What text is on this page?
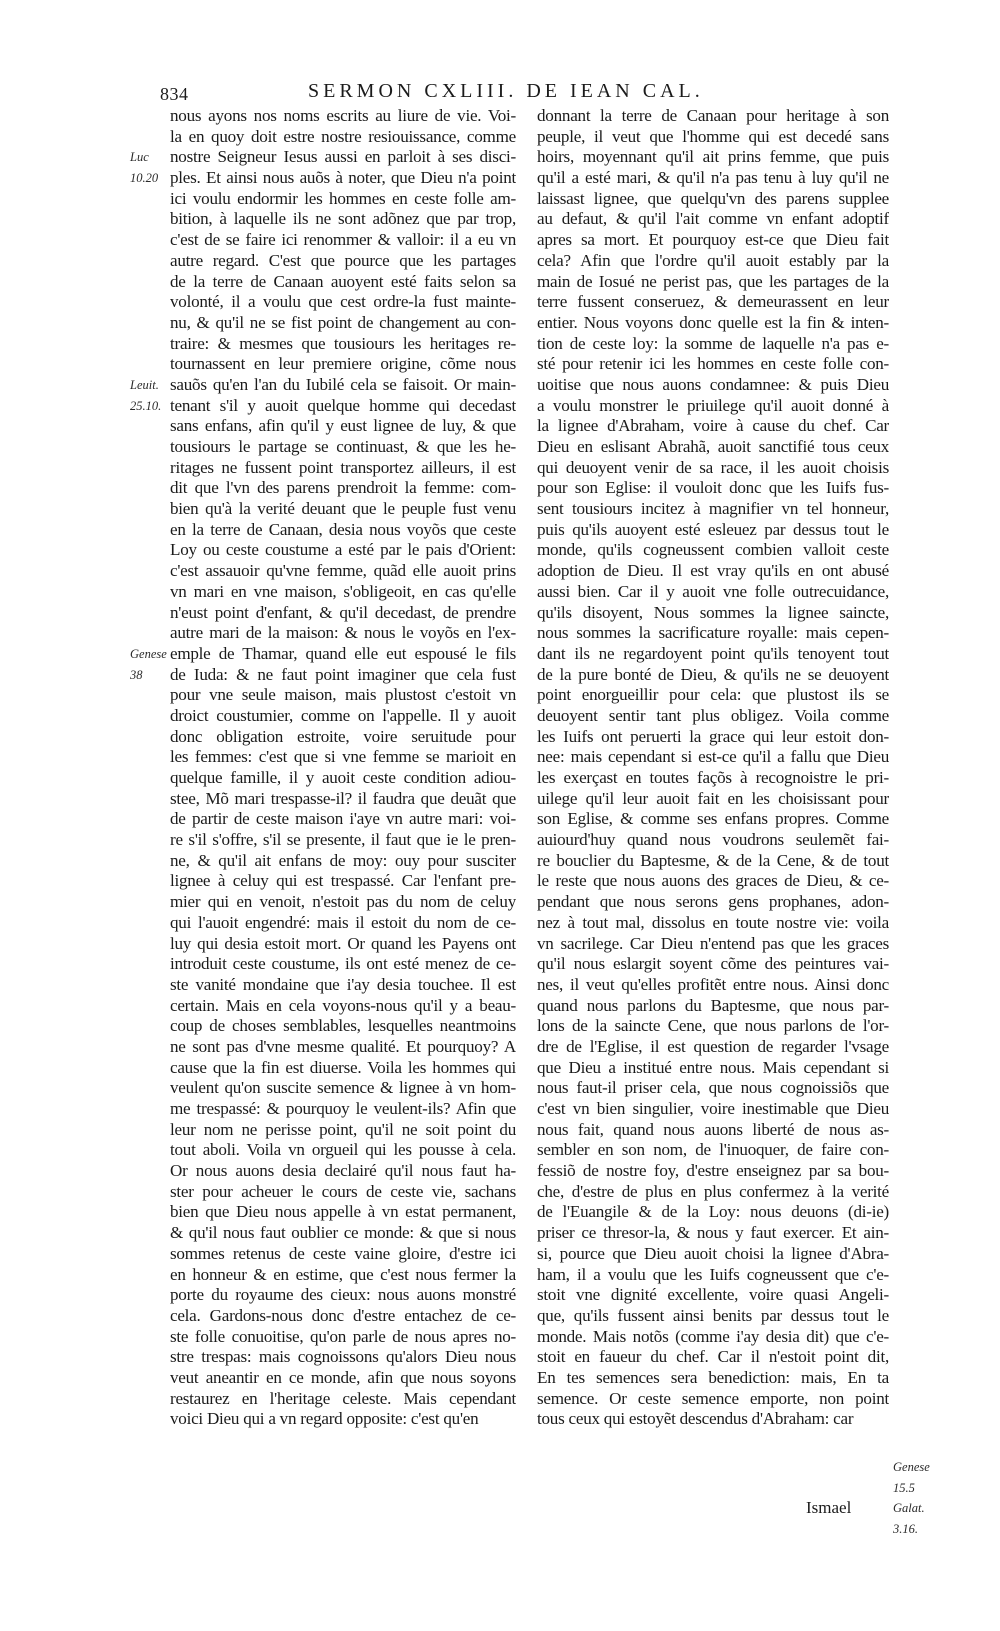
834	SERMON CXLIII. DE IEAN CAL.
Luc
10.20
Leuit.
25.10.
Genese
38
Genese
15.5
Galat.
3.16.
nous ayons nos noms escrits au liure de vie. Voi-
la en quoy doit estre nostre resiouissance, comme
nostre Seigneur Iesus aussi en parloit à ses disci-
ples. Et ainsi nous auõs à noter, que Dieu n'a point
ici voulu endormir les hommes en ceste folle am-
bition, à laquelle ils ne sont adõnez que par trop,
c'est de se faire ici renommer & valloir: il a eu vn
autre regard. C'est que pource que les partages
de la terre de Canaan auoyent esté faits selon sa
volonté, il a voulu que cest ordre-la fust mainte-
nu, & qu'il ne se fist point de changement au con-
traire: & mesmes que tousiours les heritages re-
tournassent en leur premiere origine, cõme nous
sauõs qu'en l'an du Iubilé cela se faisoit. Or main-
tenant s'il y auoit quelque homme qui decedast
sans enfans, afin qu'il y eust lignee de luy, & que
tousiours le partage se continuast, & que les he-
ritages ne fussent point transportez ailleurs, il est
dit que l'vn des parens prendroit la femme: com-
bien qu'à la verité deuant que le peuple fust venu
en la terre de Canaan, desia nous voyõs que ceste
Loy ou ceste coustume a esté par le pais d'Orient:
c'est assauoir qu'vne femme, quãd elle auoit prins
vn mari en vne maison, s'obligeoit, en cas qu'elle
n'eust point d'enfant, & qu'il decedast, de prendre
autre mari de la maison: & nous le voyõs en l'ex-
emple de Thamar, quand elle eut espousé le fils
de Iuda: & ne faut point imaginer que cela fust
pour vne seule maison, mais plustost c'estoit vn
droict coustumier, comme on l'appelle. Il y auoit
donc obligation estroite, voire seruitude pour
les femmes: c'est que si vne femme se marioit en
quelque famille, il y auoit ceste condition adiou-
stee, Mõ mari trespasse-il? il faudra que deuãt que
de partir de ceste maison i'aye vn autre mari: voi-
re s'il s'offre, s'il se presente, il faut que ie le pren-
ne, & qu'il ait enfans de moy: ouy pour susciter
lignee à celuy qui est trespassé. Car l'enfant pre-
mier qui en venoit, n'estoit pas du nom de celuy
qui l'auoit engendré: mais il estoit du nom de ce-
luy qui desia estoit mort. Or quand les Payens ont
introduit ceste coustume, ils ont esté menez de ce-
ste vanité mondaine que i'ay desia touchee. Il est
certain. Mais en cela voyons-nous qu'il y a beau-
coup de choses semblables, lesquelles neantmoins
ne sont pas d'vne mesme qualité. Et pourquoy? A
cause que la fin est diuerse. Voila les hommes qui
veulent qu'on suscite semence & lignee à vn hom-
me trespassé: & pourquoy le veulent-ils? Afin que
leur nom ne perisse point, qu'il ne soit point du
tout aboli. Voila vn orgueil qui les pousse à cela.
Or nous auons desia declairé qu'il nous faut ha-
ster pour acheuer le cours de ceste vie, sachans
bien que Dieu nous appelle à vn estat permanent,
& qu'il nous faut oublier ce monde: & que si nous
sommes retenus de ceste vaine gloire, d'estre ici
en honneur & en estime, que c'est nous fermer la
porte du royaume des cieux: nous auons monstré
cela. Gardons-nous donc d'estre entachez de ce-
ste folle conuoitise, qu'on parle de nous apres no-
stre trespas: mais cognoissons qu'alors Dieu nous
veut aneantir en ce monde, afin que nous soyons
restaurez en l'heritage celeste. Mais cependant
voici Dieu qui a vn regard opposite: c'est qu'en
donnant la terre de Canaan pour heritage à son
peuple, il veut que l'homme qui est decedé sans
hoirs, moyennant qu'il ait prins femme, que puis
qu'il a esté mari, & qu'il n'a pas tenu à luy qu'il ne
laissast lignee, que quelqu'vn des parens supplee
au defaut, & qu'il l'ait comme vn enfant adoptif
apres sa mort. Et pourquoy est-ce que Dieu fait
cela? Afin que l'ordre qu'il auoit estably par la
main de Iosué ne perist pas, que les partages de la
terre fussent conseruez, & demeurassent en leur
entier. Nous voyons donc quelle est la fin & inten-
tion de ceste loy: la somme de laquelle n'a pas e-
sté pour retenir ici les hommes en ceste folle con-
uoitise que nous auons condamnee: & puis Dieu
a voulu monstrer le priuilege qu'il auoit donné à
la lignee d'Abraham, voire à cause du chef. Car
Dieu en eslisant Abrahã, auoit sanctifié tous ceux
qui deuoyent venir de sa race, il les auoit choisis
pour son Eglise: il vouloit donc que les Iuifs fus-
sent tousiours incitez à magnifier vn tel honneur,
puis qu'ils auoyent esté esleuez par dessus tout le
monde, qu'ils cogneussent combien valloit ceste
adoption de Dieu. Il est vray qu'ils en ont abusé
aussi bien. Car il y auoit vne folle outrecuidance,
qu'ils disoyent, Nous sommes la lignee saincte,
nous sommes la sacrificature royalle: mais cepen-
dant ils ne regardoyent point qu'ils tenoyent tout
de la pure bonté de Dieu, & qu'ils ne se deuoyent
point enorgueillir pour cela: que plustost ils se
deuoyent sentir tant plus obligez. Voila comme
les Iuifs ont peruerti la grace qui leur estoit don-
nee: mais cependant si est-ce qu'il a fallu que Dieu
les exerçast en toutes façõs à recognoistre le pri-
uilege qu'il leur auoit fait en les choisissant pour
son Eglise, & comme ses enfans propres. Comme
auiourd'huy quand nous voudrons seulemẽt fai-
re bouclier du Baptesme, & de la Cene, & de tout
le reste que nous auons des graces de Dieu, & ce-
pendant que nous serons gens prophanes, adon-
nez à tout mal, dissolus en toute nostre vie: voila
vn sacrilege. Car Dieu n'entend pas que les graces
qu'il nous eslargit soyent cõme des peintures vai-
nes, il veut qu'elles profitẽt entre nous. Ainsi donc
quand nous parlons du Baptesme, que nous par-
lons de la saincte Cene, que nous parlons de l'or-
dre de l'Eglise, il est question de regarder l'vsage
que Dieu a institué entre nous. Mais cependant si
nous faut-il priser cela, que nous cognoissiõs que
c'est vn bien singulier, voire inestimable que Dieu
nous fait, quand nous auons liberté de nous as-
sembler en son nom, de l'inuoquer, de faire con-
fessiõ de nostre foy, d'estre enseignez par sa bou-
che, d'estre de plus en plus confermez à la verité
de l'Euangile & de la Loy: nous deuons (di-ie)
priser ce thresor-la, & nous y faut exercer. Et ain-
si, pource que Dieu auoit choisi la lignee d'Abra-
ham, il a voulu que les Iuifs cogneussent que c'e-
stoit vne dignité excellente, voire quasi Angeli-
que, qu'ils fussent ainsi benits par dessus tout le
monde. Mais notõs (comme i'ay desia dit) que c'e-
stoit en faueur du chef. Car il n'estoit point dit,
En tes semences sera benediction: mais, En ta
semence. Or ceste semence emporte, non point
tous ceux qui estoyẽt descendus d'Abraham: car
Ismael
